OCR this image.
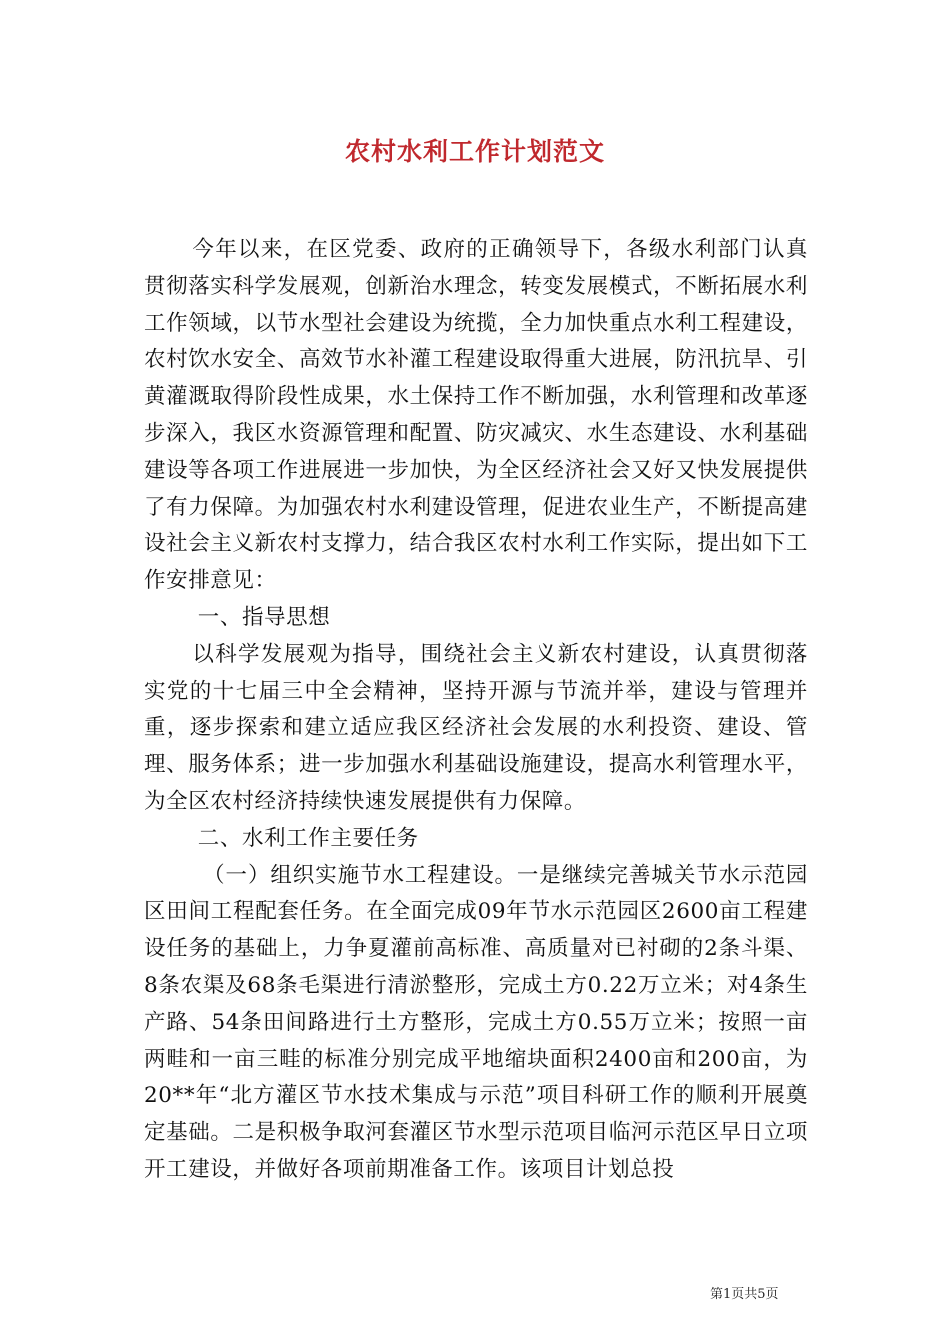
农村水利工作计划范文

今年以来，在区党委、政府的正确领导下，各级水利部门认真贯彻落实科学发展观，创新治水理念，转变发展模式，不断拓展水利工作领域，以节水型社会建设为统揽，全力加快重点水利工程建设，农村饮水安全、高效节水补灌工程建设取得重大进展，防汛抗旱、引黄灌溉取得阶段性成果，水土保持工作不断加强，水利管理和改革逐步深入，我区水资源管理和配置、防灾减灾、水生态建设、水利基础建设等各项工作进展进一步加快，为全区经济社会又好又快发展提供了有力保障。为加强农村水利建设管理，促进农业生产，不断提高建设社会主义新农村支撑力，结合我区农村水利工作实际，提出如下工作安排意见：

一、指导思想

以科学发展观为指导，围绕社会主义新农村建设，认真贯彻落实党的十七届三中全会精神，坚持开源与节流并举，建设与管理并重，逐步探索和建立适应我区经济社会发展的水利投资、建设、管理、服务体系；进一步加强水利基础设施建设，提高水利管理水平，为全区农村经济持续快速发展提供有力保障。

二、水利工作主要任务

（一）组织实施节水工程建设。一是继续完善城关节水示范园区田间工程配套任务。在全面完成09年节水示范园区2600亩工程建设任务的基础上，力争夏灌前高标准、高质量对已衬砌的2条斗渠、8条农渠及68条毛渠进行清淤整形，完成土方0.22万立米；对4条生产路、54条田间路进行土方整形，完成土方0.55万立米；按照一亩两畦和一亩三畦的标准分别完成平地缩块面积2400亩和200亩，为20**年“北方灌区节水技术集成与示范”项目科研工作的顺利开展奠定基础。二是积极争取河套灌区节水型示范项目临河示范区早日立项开工建设，并做好各项前期准备工作。该项目计划总投

第1页共5页
